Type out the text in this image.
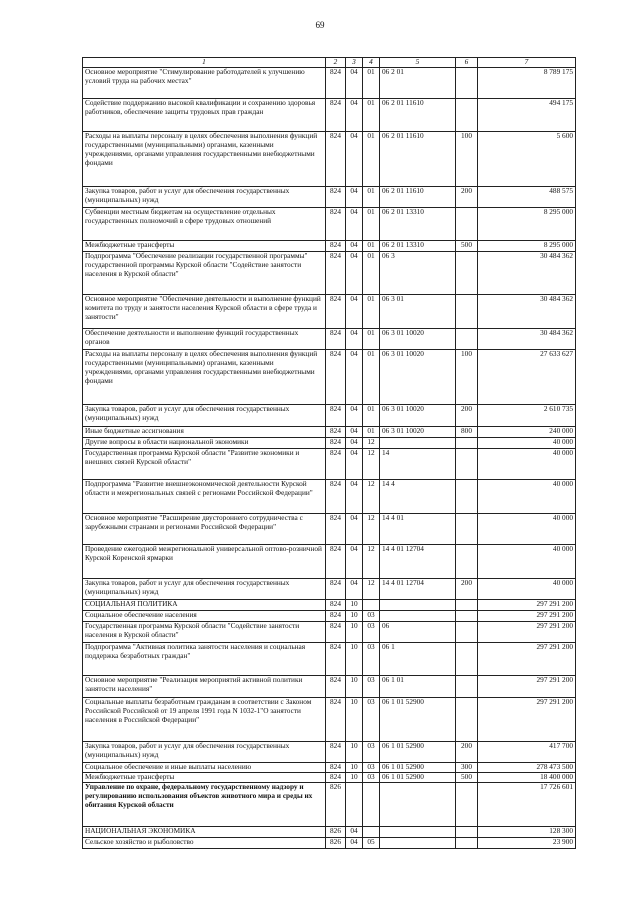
69
1	2	3	4	5	6	7
Основное мероприятие "Стимулирование работодателей к улучшению условий труда на рабочих местах"	824	04	01	06 2 01		8 789 175
Содействие поддержанию высокой квалификации и сохранению здоровья работников, обеспечение защиты трудовых прав граждан	824	04	01	06 2 01 11610		494 175
Расходы на выплаты персоналу в целях обеспечения выполнения функций государственными (муниципальными) органами, казенными учреждениями, органами управления государственными внебюджетными фондами	824	04	01	06 2 01 11610	100	5 600
Закупка товаров, работ и услуг для обеспечения государственных (муниципальных) нужд	824	04	01	06 2 01 11610	200	488 575
Субвенции местным бюджетам на осуществление отдельных государственных полномочий в сфере трудовых отношений	824	04	01	06 2 01 13310		8 295 000
Межбюджетные трансферты	824	04	01	06 2 01 13310	500	8 295 000
Подпрограмма "Обеспечение реализации государственной программы" государственной программы Курской области "Содействие занятости населения в Курской области"	824	04	01	06 3		30 484 362
Основное мероприятие "Обеспечение деятельности и выполнение функций комитета по труду и занятости населения Курской области в сфере труда и занятости"	824	04	01	06 3 01		30 484 362
Обеспечение деятельности и выполнение функций государственных органов	824	04	01	06 3 01 10020		30 484 362
Расходы на выплаты персоналу в целях обеспечения выполнения функций государственными (муниципальными) органами, казенными учреждениями, органами управления государственными внебюджетными фондами	824	04	01	06 3 01 10020	100	27 633 627
Закупка товаров, работ и услуг для обеспечения государственных (муниципальных) нужд	824	04	01	06 3 01 10020	200	2 610 735
Иные бюджетные ассигнования	824	04	01	06 3 01 10020	800	240 000
Другие вопросы в области национальной экономики	824	04	12			40 000
Государственная программа Курской области "Развитие экономики и внешних связей Курской области"	824	04	12	14		40 000
Подпрограмма "Развитие внешнеэкономической деятельности Курской области и межрегиональных связей с регионами Российской Федерации"	824	04	12	14 4		40 000
Основное мероприятие "Расширение двустороннего сотрудничества с зарубежными странами и регионами Российской Федерации"	824	04	12	14 4 01		40 000
Проведение ежегодной межрегиональной универсальной оптово-розничной Курской Коренской ярмарки	824	04	12	14 4 01 12704		40 000
Закупка товаров, работ и услуг для обеспечения государственных (муниципальных) нужд	824	04	12	14 4 01 12704	200	40 000
СОЦИАЛЬНАЯ ПОЛИТИКА	824	10				297 291 200
Социальное обеспечение населения	824	10	03			297 291 200
Государственная программа Курской области "Содействие занятости населения в Курской области"	824	10	03	06		297 291 200
Подпрограмма "Активная политика занятости населения и социальная поддержка безработных граждан"	824	10	03	06 1		297 291 200
Основное мероприятие "Реализация мероприятий активной политики занятости населения"	824	10	03	06 1 01		297 291 200
Социальные выплаты безработным гражданам в соответствии с Законом Российской Российской от 19 апреля 1991 года N 1032-1"О занятости населения в Российской Федерации"	824	10	03	06 1 01 52900		297 291 200
Закупка товаров, работ и услуг для обеспечения государственных (муниципальных) нужд	824	10	03	06 1 01 52900	200	417 700
Социальное обеспечение и иные выплаты населению	824	10	03	06 1 01 52900	300	278 473 500
Межбюджетные трансферты	824	10	03	06 1 01 52900	500	18 400 000
Управление по охране, федеральному государственному надзору и регулированию использования объектов животного мира и среды их обитания Курской области	826					17 726 601
НАЦИОНАЛЬНАЯ ЭКОНОМИКА	826	04				128 300
Сельское хозяйство и рыболовство	826	04	05			23 900
